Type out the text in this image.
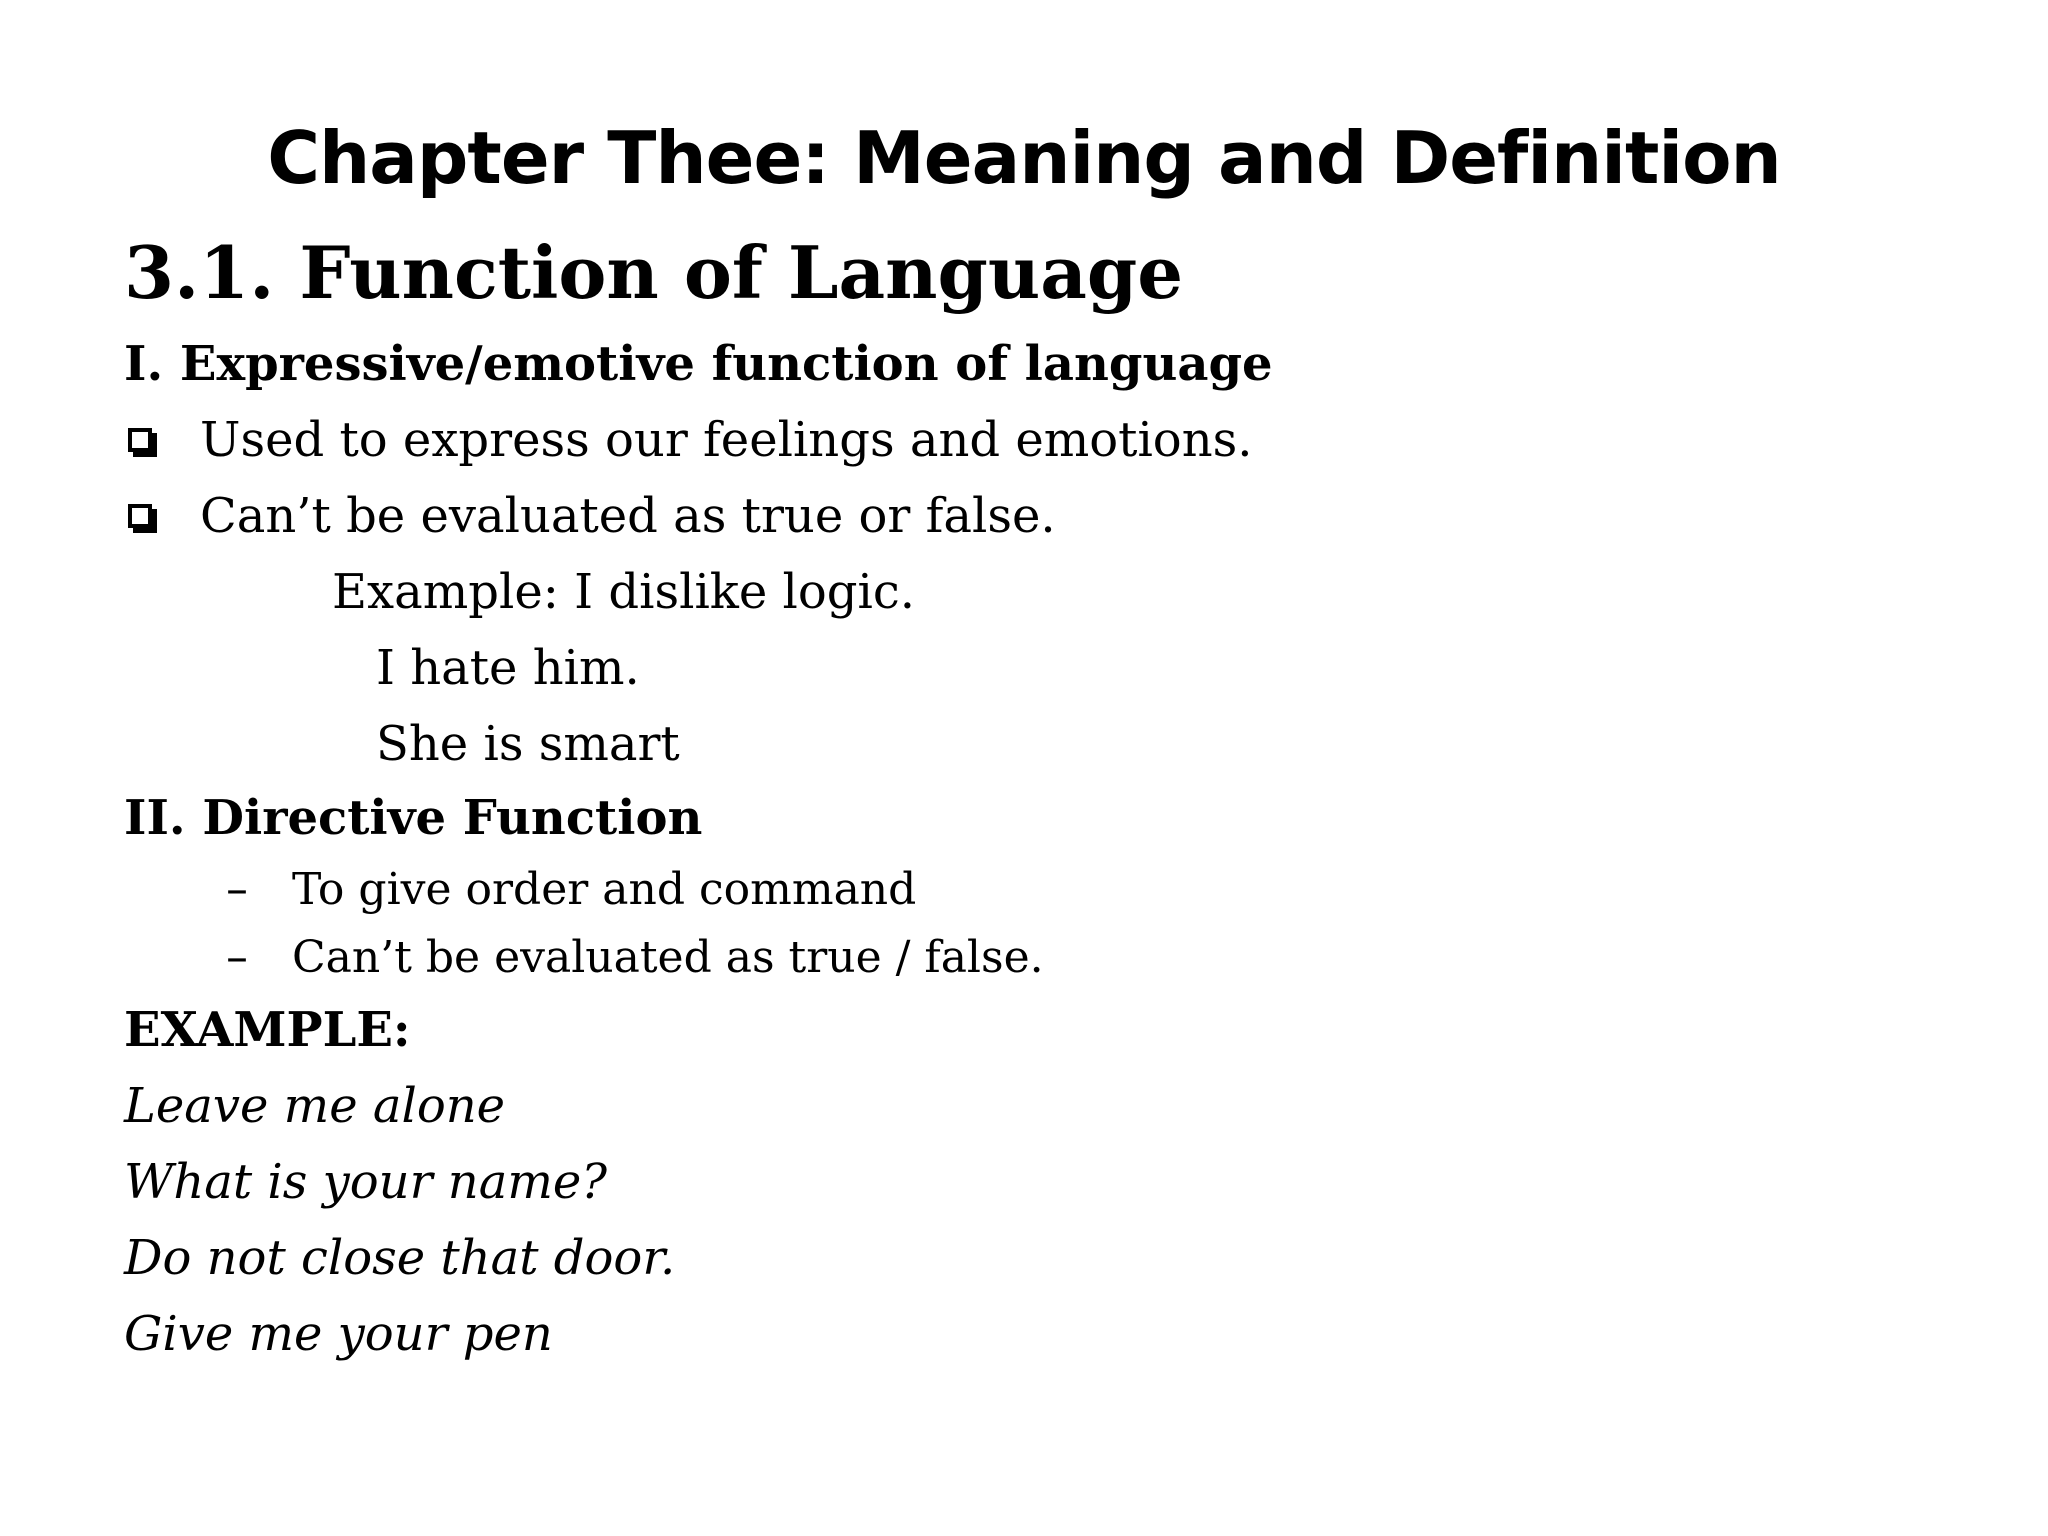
Chapter Thee: Meaning and Definition
3.1. Function of Language
I. Expressive/emotive function of language
Used to express our feelings and emotions.
Can’t be evaluated as true or false.
Example: I dislike logic.
I hate him.
She is smart
II. Directive Function
– To give order and command
– Can’t be evaluated as true / false.
EXAMPLE:
Leave me alone
What is your name?
Do not close that door.
Give me your pen
